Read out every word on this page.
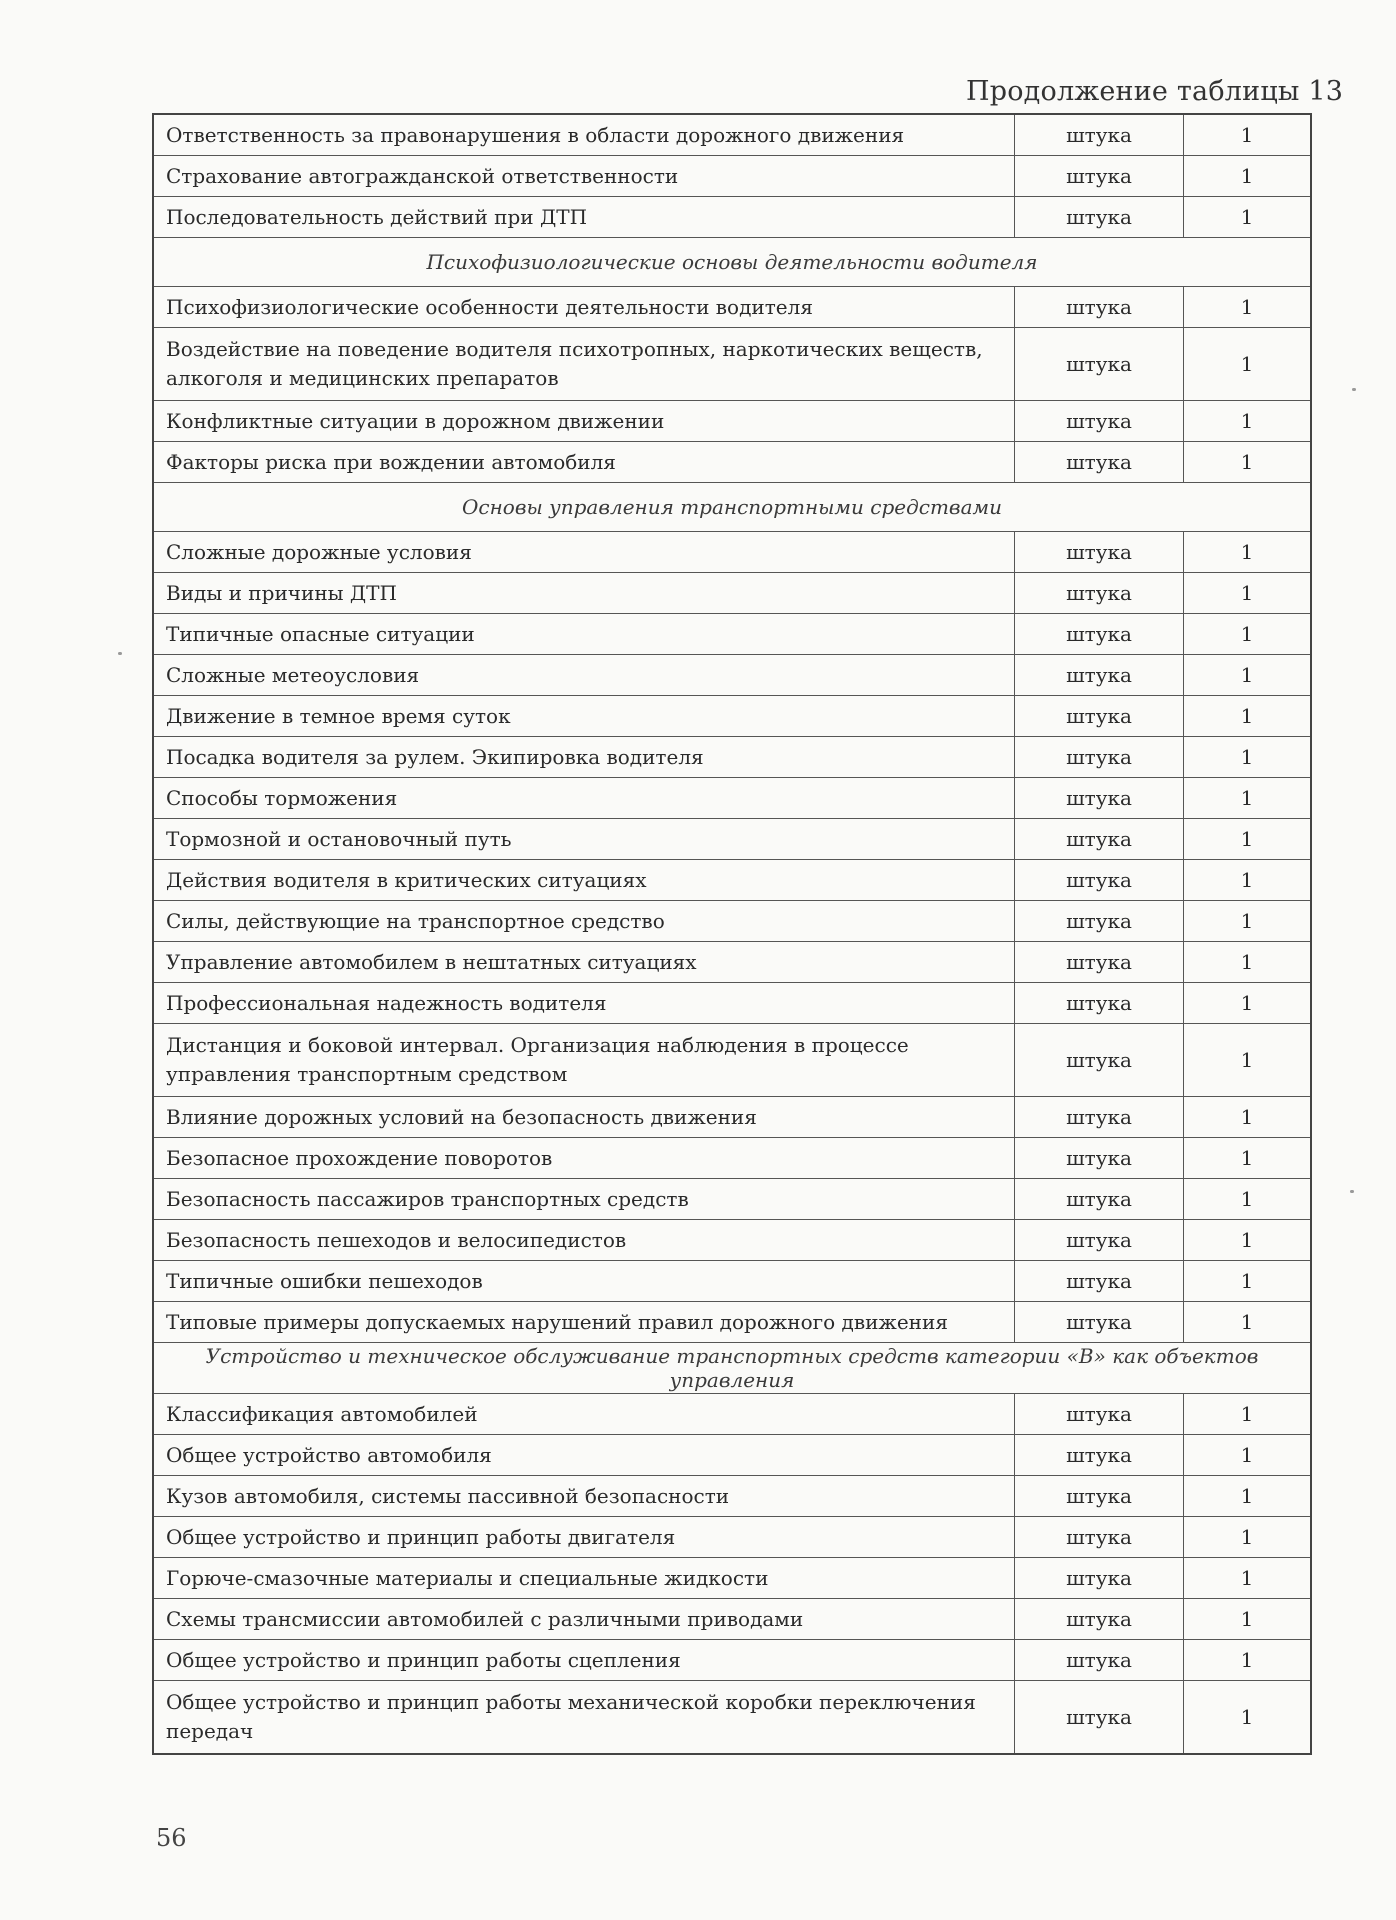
Продолжение таблицы 13
Ответственность за правонарушения в области дорожного движения	штука	1
Страхование автогражданской ответственности	штука	1
Последовательность действий при ДТП	штука	1
Психофизиологические основы деятельности водителя		
Психофизиологические особенности деятельности водителя	штука	1
Воздействие на поведение водителя психотропных, наркотических веществ, алкоголя и медицинских препаратов	штука	1
Конфликтные ситуации в дорожном движении	штука	1
Факторы риска при вождении автомобиля	штука	1
Основы управления транспортными средствами		
Сложные дорожные условия	штука	1
Виды и причины ДТП	штука	1
Типичные опасные ситуации	штука	1
Сложные метеоусловия	штука	1
Движение в темное время суток	штука	1
Посадка водителя за рулем. Экипировка водителя	штука	1
Способы торможения	штука	1
Тормозной и остановочный путь	штука	1
Действия водителя в критических ситуациях	штука	1
Силы, действующие на транспортное средство	штука	1
Управление автомобилем в нештатных ситуациях	штука	1
Профессиональная надежность водителя	штука	1
Дистанция и боковой интервал. Организация наблюдения в процессе управления транспортным средством	штука	1
Влияние дорожных условий на безопасность движения	штука	1
Безопасное прохождение поворотов	штука	1
Безопасность пассажиров транспортных средств	штука	1
Безопасность пешеходов и велосипедистов	штука	1
Типичные ошибки пешеходов	штука	1
Типовые примеры допускаемых нарушений правил дорожного движения	штука	1
Устройство и техническое обслуживание транспортных средств категории «В» как объектов управления		
Классификация автомобилей	штука	1
Общее устройство автомобиля	штука	1
Кузов автомобиля, системы пассивной безопасности	штука	1
Общее устройство и принцип работы двигателя	штука	1
Горюче-смазочные материалы и специальные жидкости	штука	1
Схемы трансмиссии автомобилей с различными приводами	штука	1
Общее устройство и принцип работы сцепления	штука	1
Общее устройство и принцип работы механической коробки переключения передач	штука	1
56
